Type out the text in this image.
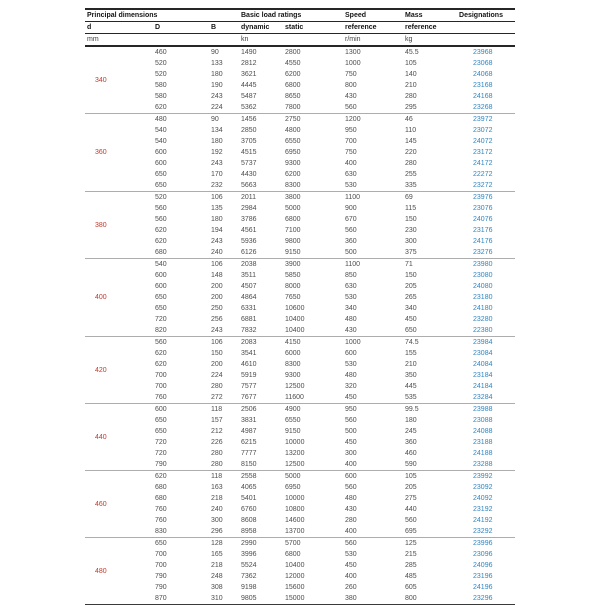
Principal dimensions			Basic load ratings		Speed	Mass	Designations
d	D	B	dynamic	static	reference	reference	
mm			kn		r/min	kg	
340	460	90	1490	2800	1300	45.5	23968
	520	133	2812	4550	1000	105	23068
	520	180	3621	6200	750	140	24068
	580	190	4445	6800	800	210	23168
	580	243	5487	8650	430	280	24168
	620	224	5362	7800	560	295	23268
360	480	90	1456	2750	1200	46	23972
	540	134	2850	4800	950	110	23072
	540	180	3705	6550	700	145	24072
	600	192	4515	6950	750	220	23172
	600	243	5737	9300	400	280	24172
	650	170	4430	6200	630	255	22272
	650	232	5663	8300	530	335	23272
380	520	106	2011	3800	1100	69	23976
	560	135	2984	5000	900	115	23076
	560	180	3786	6800	670	150	24076
	620	194	4561	7100	560	230	23176
	620	243	5936	9800	360	300	24176
	680	240	6126	9150	500	375	23276
400	540	106	2038	3900	1100	71	23980
	600	148	3511	5850	850	150	23080
	600	200	4507	8000	630	205	24080
	650	200	4864	7650	530	265	23180
	650	250	6331	10600	340	340	24180
	720	256	6881	10400	480	450	23280
	820	243	7832	10400	430	650	22380
420	560	106	2083	4150	1000	74.5	23984
	620	150	3541	6000	600	155	23084
	620	200	4610	8300	530	210	24084
	700	224	5919	9300	480	350	23184
	700	280	7577	12500	320	445	24184
	760	272	7677	11600	450	535	23284
440	600	118	2506	4900	950	99.5	23988
	650	157	3831	6550	560	180	23088
	650	212	4987	9150	500	245	24088
	720	226	6215	10000	450	360	23188
	720	280	7777	13200	300	460	24188
	790	280	8150	12500	400	590	23288
460	620	118	2558	5000	600	105	23992
	680	163	4065	6950	560	205	23092
	680	218	5401	10000	480	275	24092
	760	240	6760	10800	430	440	23192
	760	300	8608	14600	280	560	24192
	830	296	8958	13700	400	695	23292
480	650	128	2990	5700	560	125	23996
	700	165	3996	6800	530	215	23096
	700	218	5524	10400	450	285	24096
	790	248	7362	12000	400	485	23196
	790	308	9198	15600	260	605	24196
	870	310	9805	15000	380	800	23296
